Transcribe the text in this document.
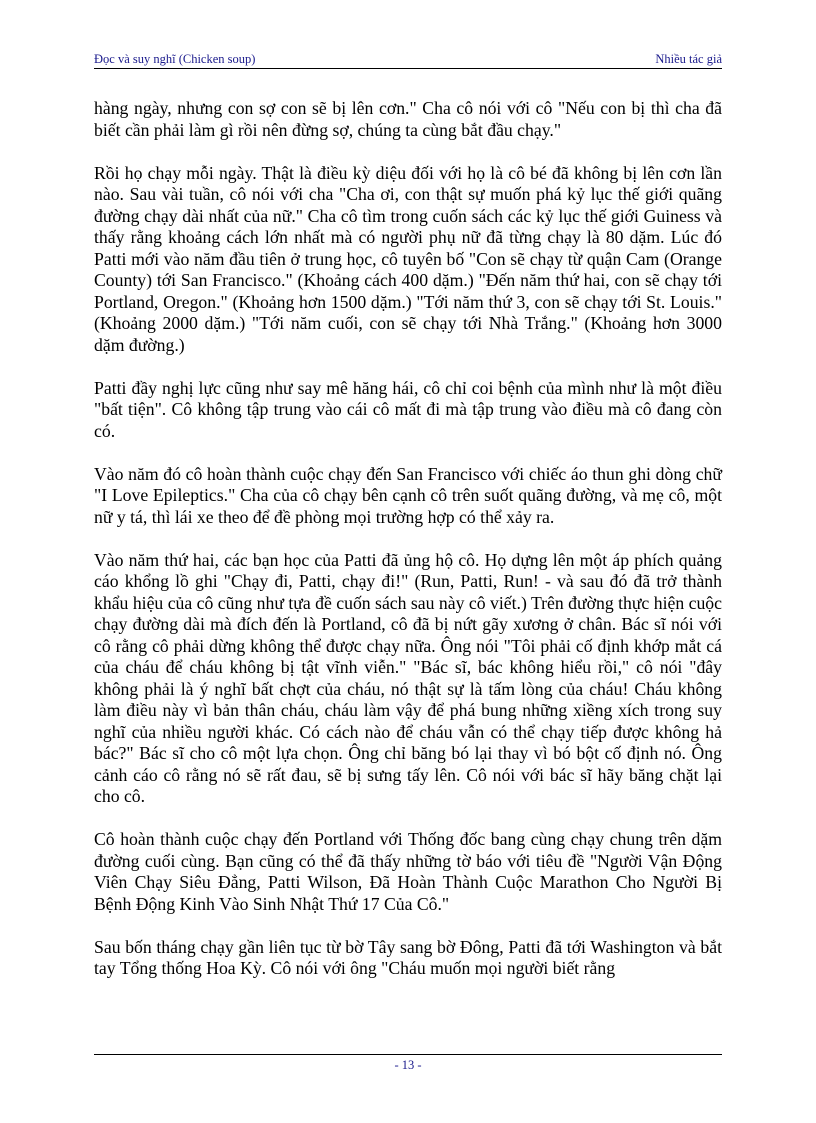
Đọc và suy nghĩ (Chicken soup)	Nhiều tác giả

hàng ngày, nhưng con sợ con sẽ bị lên cơn." Cha cô nói với cô "Nếu con bị thì cha đã biết cần phải làm gì rồi nên đừng sợ, chúng ta cùng bắt đầu chạy."

Rồi họ chạy mỗi ngày. Thật là điều kỳ diệu đối với họ là cô bé đã không bị lên cơn lần nào. Sau vài tuần, cô nói với cha "Cha ơi, con thật sự muốn phá kỷ lục thế giới quãng đường chạy dài nhất của nữ." Cha cô tìm trong cuốn sách các kỷ lục thế giới Guiness và thấy rằng khoảng cách lớn nhất mà có người phụ nữ đã từng chạy là 80 dặm. Lúc đó Patti mới vào năm đầu tiên ở trung học, cô tuyên bố "Con sẽ chạy từ quận Cam (Orange County) tới San Francisco." (Khoảng cách 400 dặm.) "Đến năm thứ hai, con sẽ chạy tới Portland, Oregon." (Khoảng hơn 1500 dặm.) "Tới năm thứ 3, con sẽ chạy tới St. Louis." (Khoảng 2000 dặm.) "Tới năm cuối, con sẽ chạy tới Nhà Trắng." (Khoảng hơn 3000 dặm đường.)

Patti đầy nghị lực cũng như say mê hăng hái, cô chỉ coi bệnh của mình như là một điều "bất tiện". Cô không tập trung vào cái cô mất đi mà tập trung vào điều mà cô đang còn có.

Vào năm đó cô hoàn thành cuộc chạy đến San Francisco với chiếc áo thun ghi dòng chữ "I Love Epileptics." Cha của cô chạy bên cạnh cô trên suốt quãng đường, và mẹ cô, một nữ y tá, thì lái xe theo để đề phòng mọi trường hợp có thể xảy ra.

Vào năm thứ hai, các bạn học của Patti đã ủng hộ cô. Họ dựng lên một áp phích quảng cáo khổng lồ ghi "Chạy đi, Patti, chạy đi!" (Run, Patti, Run! - và sau đó đã trở thành khẩu hiệu của cô cũng như tựa đề cuốn sách sau này cô viết.) Trên đường thực hiện cuộc chạy đường dài mà đích đến là Portland, cô đã bị nứt gãy xương ở chân. Bác sĩ nói với cô rằng cô phải dừng không thể được chạy nữa. Ông nói "Tôi phải cố định khớp mắt cá của cháu để cháu không bị tật vĩnh viễn." "Bác sĩ, bác không hiểu rồi," cô nói "đây không phải là ý nghĩ bất chợt của cháu, nó thật sự là tấm lòng của cháu! Cháu không làm điều này vì bản thân cháu, cháu làm vậy để phá bung những xiềng xích trong suy nghĩ của nhiều người khác. Có cách nào để cháu vẫn có thể chạy tiếp được không hả bác?" Bác sĩ cho cô một lựa chọn. Ông chỉ băng bó lại thay vì bó bột cố định nó. Ông cảnh cáo cô rằng nó sẽ rất đau, sẽ bị sưng tấy lên. Cô nói với bác sĩ hãy băng chặt lại cho cô.

Cô hoàn thành cuộc chạy đến Portland với Thống đốc bang cùng chạy chung trên dặm đường cuối cùng. Bạn cũng có thể đã thấy những tờ báo với tiêu đề "Người Vận Động Viên Chạy Siêu Đẳng, Patti Wilson, Đã Hoàn Thành Cuộc Marathon Cho Người Bị Bệnh Động Kinh Vào Sinh Nhật Thứ 17 Của Cô."

Sau bốn tháng chạy gần liên tục từ bờ Tây sang bờ Đông, Patti đã tới Washington và bắt tay Tổng thống Hoa Kỳ. Cô nói với ông "Cháu muốn mọi người biết rằng

- 13 -
